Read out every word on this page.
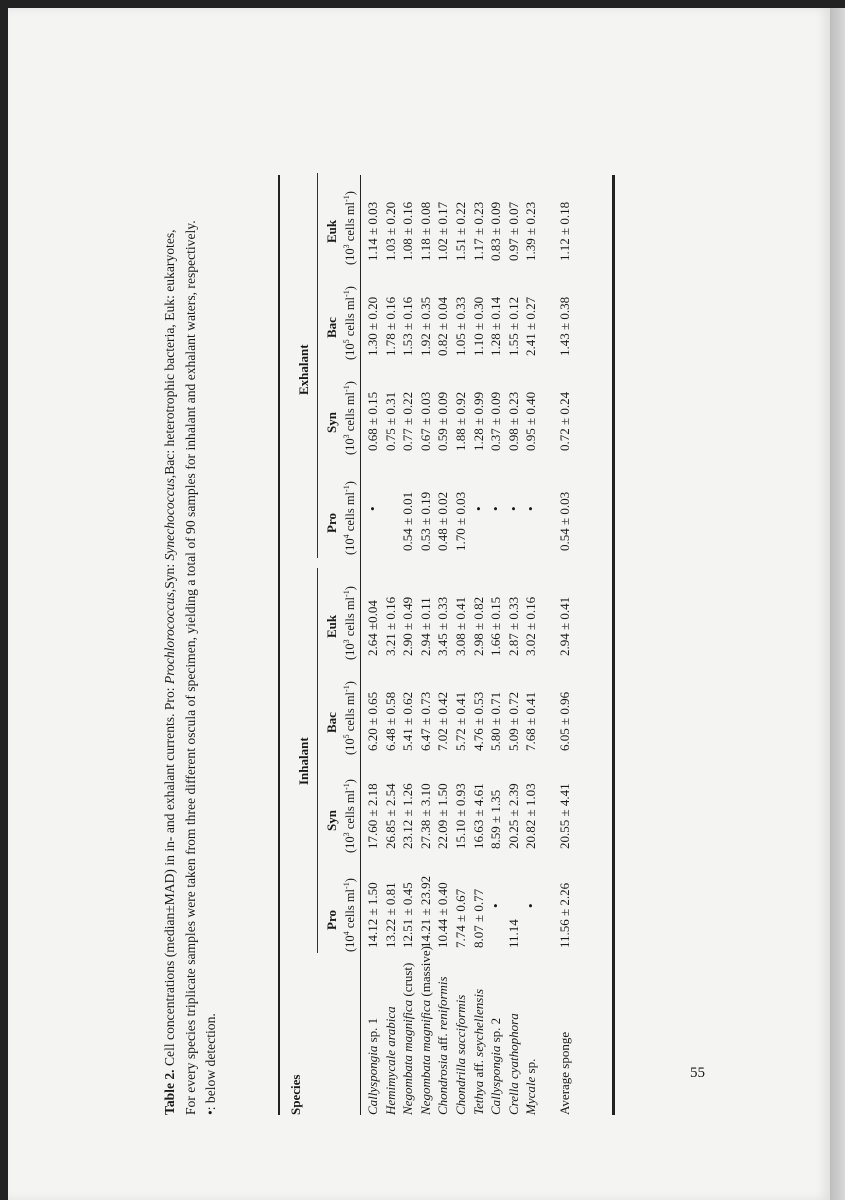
Table 2. Cell concentrations (median±MAD) in in- and exhalant currents. Pro: Prochlorococcus,Syn: Synechococcus,Bac: heterotrophic bacteria, Euk: eukaryotes, For every species triplicate samples were taken from three different oscula of specimen, yielding a total of 90 samples for inhalant and exhalant waters, respectively. •: below detection.	Species
Inhalant
Exhalant
Pro
($10^4$ cells $ml^{-1}$)
Syn
($10^3$ cells $ml^{-1}$)
Bac
($10^5$ cells $ml^{-1}$)
Euk
($10^3$ cells $ml^{-1}$)
Pro
($10^4$ cells $ml^{-1}$)
Syn
($10^3$ cells $ml^{-1}$)
Bac
($10^5$ cells $ml^{-1}$)
Euk
($10^3$ cells $ml^{-1}$)
Callyspongia sp. 1
14.12 ± 1.50
17.60 ± 2.18
6.20 ± 0.65
2.64 ±0.04
•
0.68 ± 0.15
1.30 ± 0.20
1.14 ± 0.03
Hemimycale arabica
13.22 ± 0.81
26.85 ± 2.54
6.48 ± 0.58
3.21 ± 0.16
0.75 ± 0.31
1.78 ± 0.16
1.03 ± 0.20
Negombata magnifica (crust)
12.51 ± 0.45
23.12 ± 1.26
5.41 ± 0.62
2.90 ± 0.49
0.54 ± 0.01
0.77 ± 0.22
1.53 ± 0.16
1.08 ± 0.16
Negombata magnifica (massive)
14.21 ± 23.92
27.38 ± 3.10
6.47 ± 0.73
2.94 ± 0.11
0.53 ± 0.19
0.67 ± 0.03
1.92 ± 0.35
1.18 ± 0.08
Chondrosia aff. reniformis
10.44 ± 0.40
22.09 ± 1.50
7.02 ± 0.42
3.45 ± 0.33
0.48 ± 0.02
0.59 ± 0.09
0.82 ± 0.04
1.02 ± 0.17
Chondrilla sacciformis
7.74 ± 0.67
15.10 ± 0.93
5.72 ± 0.41
3.08 ± 0.41
1.70 ± 0.03
1.88 ± 0.92
1.05 ± 0.33
1.51 ± 0.22
Tethya aff. seychellensis
8.07 ± 0.77
16.63 ± 4.61
4.76 ± 0.53
2.98 ± 0.82
•
1.28 ± 0.99
1.10 ± 0.30
1.17 ± 0.23
Callyspongia sp. 2
•
8.59 ± 1.35
5.80 ± 0.71
1.66 ± 0.15
•
0.37 ± 0.09
1.28 ± 0.14
0.83 ± 0.09
Crella cyathophora
11.14
20.25 ± 2.39
5.09 ± 0.72
2.87 ± 0.33
•
0.98 ± 0.23
1.55 ± 0.12
0.97 ± 0.07
Mycale sp.
•
20.82 ± 1.03
7.68 ± 0.41
3.02 ± 0.16
•
0.95 ± 0.40
2.41 ± 0.27
1.39 ± 0.23
Average sponge
11.56 ± 2.26
20.55 ± 4.41
6.05 ± 0.96
2.94 ± 0.41
0.54 ± 0.03
0.72 ± 0.24
1.43 ± 0.38
1.12 ± 0.18
55
